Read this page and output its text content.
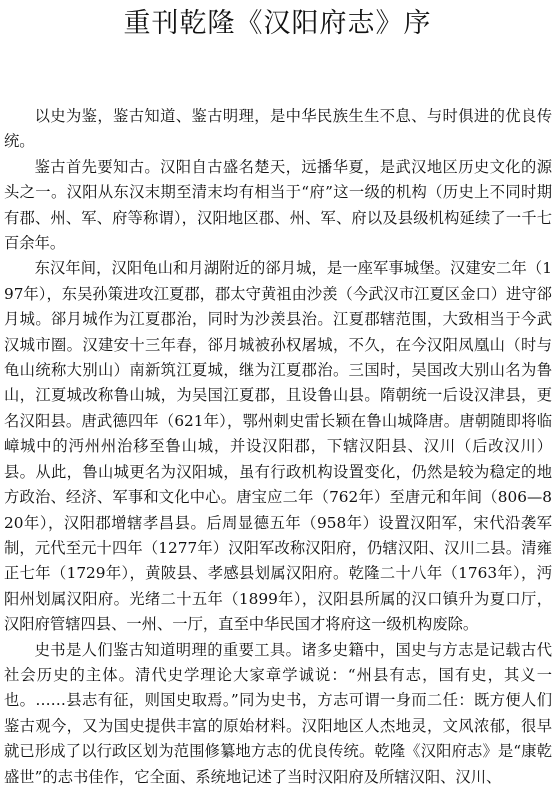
重刊乾隆《汉阳府志》序

以史为鉴，鉴古知道、鉴古明理，是中华民族生生不息、与时俱进的优良传统。

鉴古首先要知古。汉阳自古盛名楚天，远播华夏，是武汉地区历史文化的源头之一。汉阳从东汉末期至清末均有相当于“府”这一级的机构（历史上不同时期有郡、州、军、府等称谓），汉阳地区郡、州、军、府以及县级机构延续了一千七百余年。

东汉年间，汉阳龟山和月湖附近的郤月城，是一座军事城堡。汉建安二年（197年），东吴孙策进攻江夏郡，郡太守黄祖由沙羡（今武汉市江夏区金口）进守郤月城。郤月城作为江夏郡治，同时为沙羡县治。江夏郡辖范围，大致相当于今武汉城市圈。汉建安十三年春，郤月城被孙权屠城，不久，在今汉阳凤凰山（时与龟山统称大别山）南新筑江夏城，继为江夏郡治。三国时，吴国改大别山名为鲁山，江夏城改称鲁山城，为吴国江夏郡，且设鲁山县。隋朝统一后设汉津县，更名汉阳县。唐武德四年（621年），鄂州刺史雷长颖在鲁山城降唐。唐朝随即将临嶂城中的沔州州治移至鲁山城，并设汉阳郡，下辖汉阳县、汉川（后改汉川）县。从此，鲁山城更名为汉阳城，虽有行政机构设置变化，仍然是较为稳定的地方政治、经济、军事和文化中心。唐宝应二年（762年）至唐元和年间（806—820年），汉阳郡增辖孝昌县。后周显德五年（958年）设置汉阳军，宋代沿袭军制，元代至元十四年（1277年）汉阳军改称汉阳府，仍辖汉阳、汉川二县。清雍正七年（1729年），黄陂县、孝感县划属汉阳府。乾隆二十八年（1763年），沔阳州划属汉阳府。光绪二十五年（1899年），汉阳县所属的汉口镇升为夏口厅，汉阳府管辖四县、一州、一厅，直至中华民国才将府这一级机构废除。

史书是人们鉴古知道明理的重要工具。诸多史籍中，国史与方志是记载古代社会历史的主体。清代史学理论大家章学诚说：“州县有志，国有史，其义一也。……县志有征，则国史取焉。”同为史书，方志可谓一身而二任：既方便人们鉴古观今，又为国史提供丰富的原始材料。汉阳地区人杰地灵，文风浓郁，很早就已形成了以行政区划为范围修纂地方志的优良传统。乾隆《汉阳府志》是“康乾盛世”的志书佳作，它全面、系统地记述了当时汉阳府及所辖汉阳、汉川、
